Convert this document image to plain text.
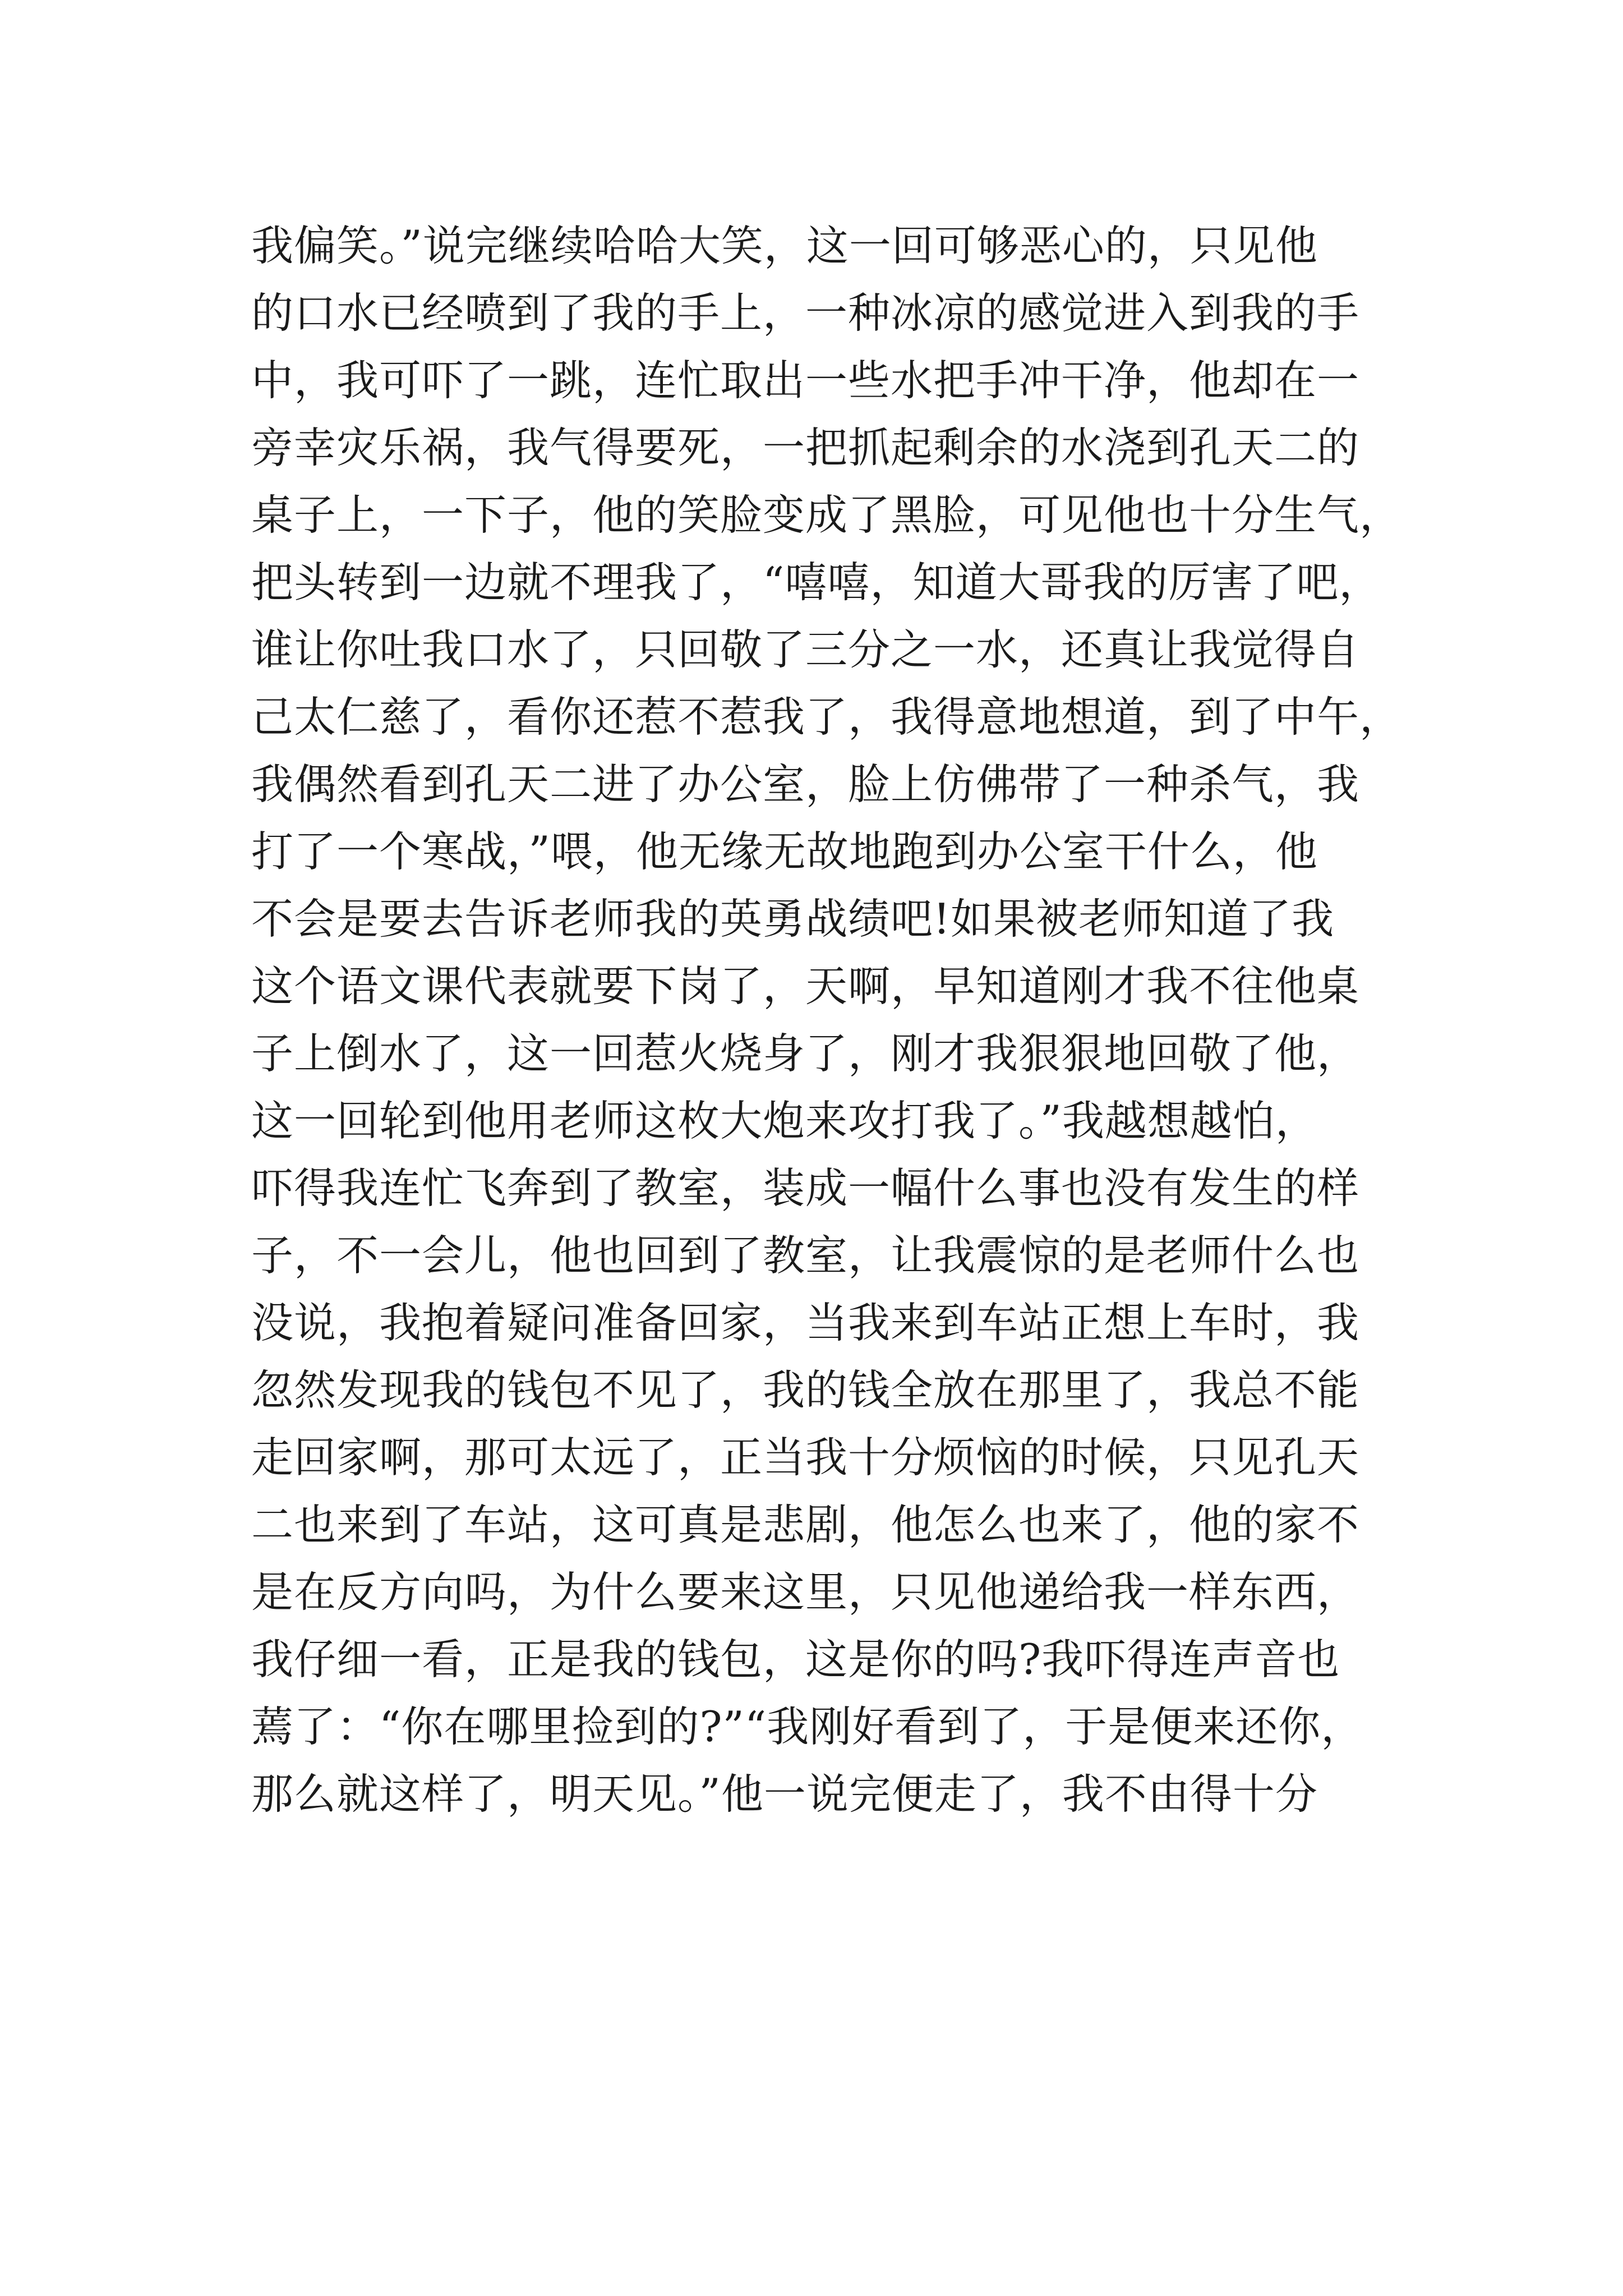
我偏笑。”说完继续哈哈大笑，这一回可够恶心的，只见他
的口水已经喷到了我的手上，一种冰凉的感觉进入到我的手
中，我可吓了一跳，连忙取出一些水把手冲干净，他却在一
旁幸灾乐祸，我气得要死，一把抓起剩余的水浇到孔天二的
桌子上，一下子，他的笑脸变成了黑脸，可见他也十分生气，
把头转到一边就不理我了，“嘻嘻，知道大哥我的厉害了吧，
谁让你吐我口水了，只回敬了三分之一水，还真让我觉得自
己太仁慈了，看你还惹不惹我了，我得意地想道，到了中午，
我偶然看到孔天二进了办公室，脸上仿佛带了一种杀气，我
打了一个寒战，”喂，他无缘无故地跑到办公室干什么，他
不会是要去告诉老师我的英勇战绩吧!如果被老师知道了我
这个语文课代表就要下岗了，天啊，早知道刚才我不往他桌
子上倒水了，这一回惹火烧身了，刚才我狠狠地回敬了他，
这一回轮到他用老师这枚大炮来攻打我了。”我越想越怕，
吓得我连忙飞奔到了教室，装成一幅什么事也没有发生的样
子，不一会儿，他也回到了教室，让我震惊的是老师什么也
没说，我抱着疑问准备回家，当我来到车站正想上车时，我
忽然发现我的钱包不见了，我的钱全放在那里了，我总不能
走回家啊，那可太远了，正当我十分烦恼的时候，只见孔天
二也来到了车站，这可真是悲剧，他怎么也来了，他的家不
是在反方向吗，为什么要来这里，只见他递给我一样东西，
我仔细一看，正是我的钱包，这是你的吗?我吓得连声音也
蔫了：“你在哪里捡到的?”“我刚好看到了，于是便来还你，
那么就这样了，明天见。”他一说完便走了，我不由得十分
